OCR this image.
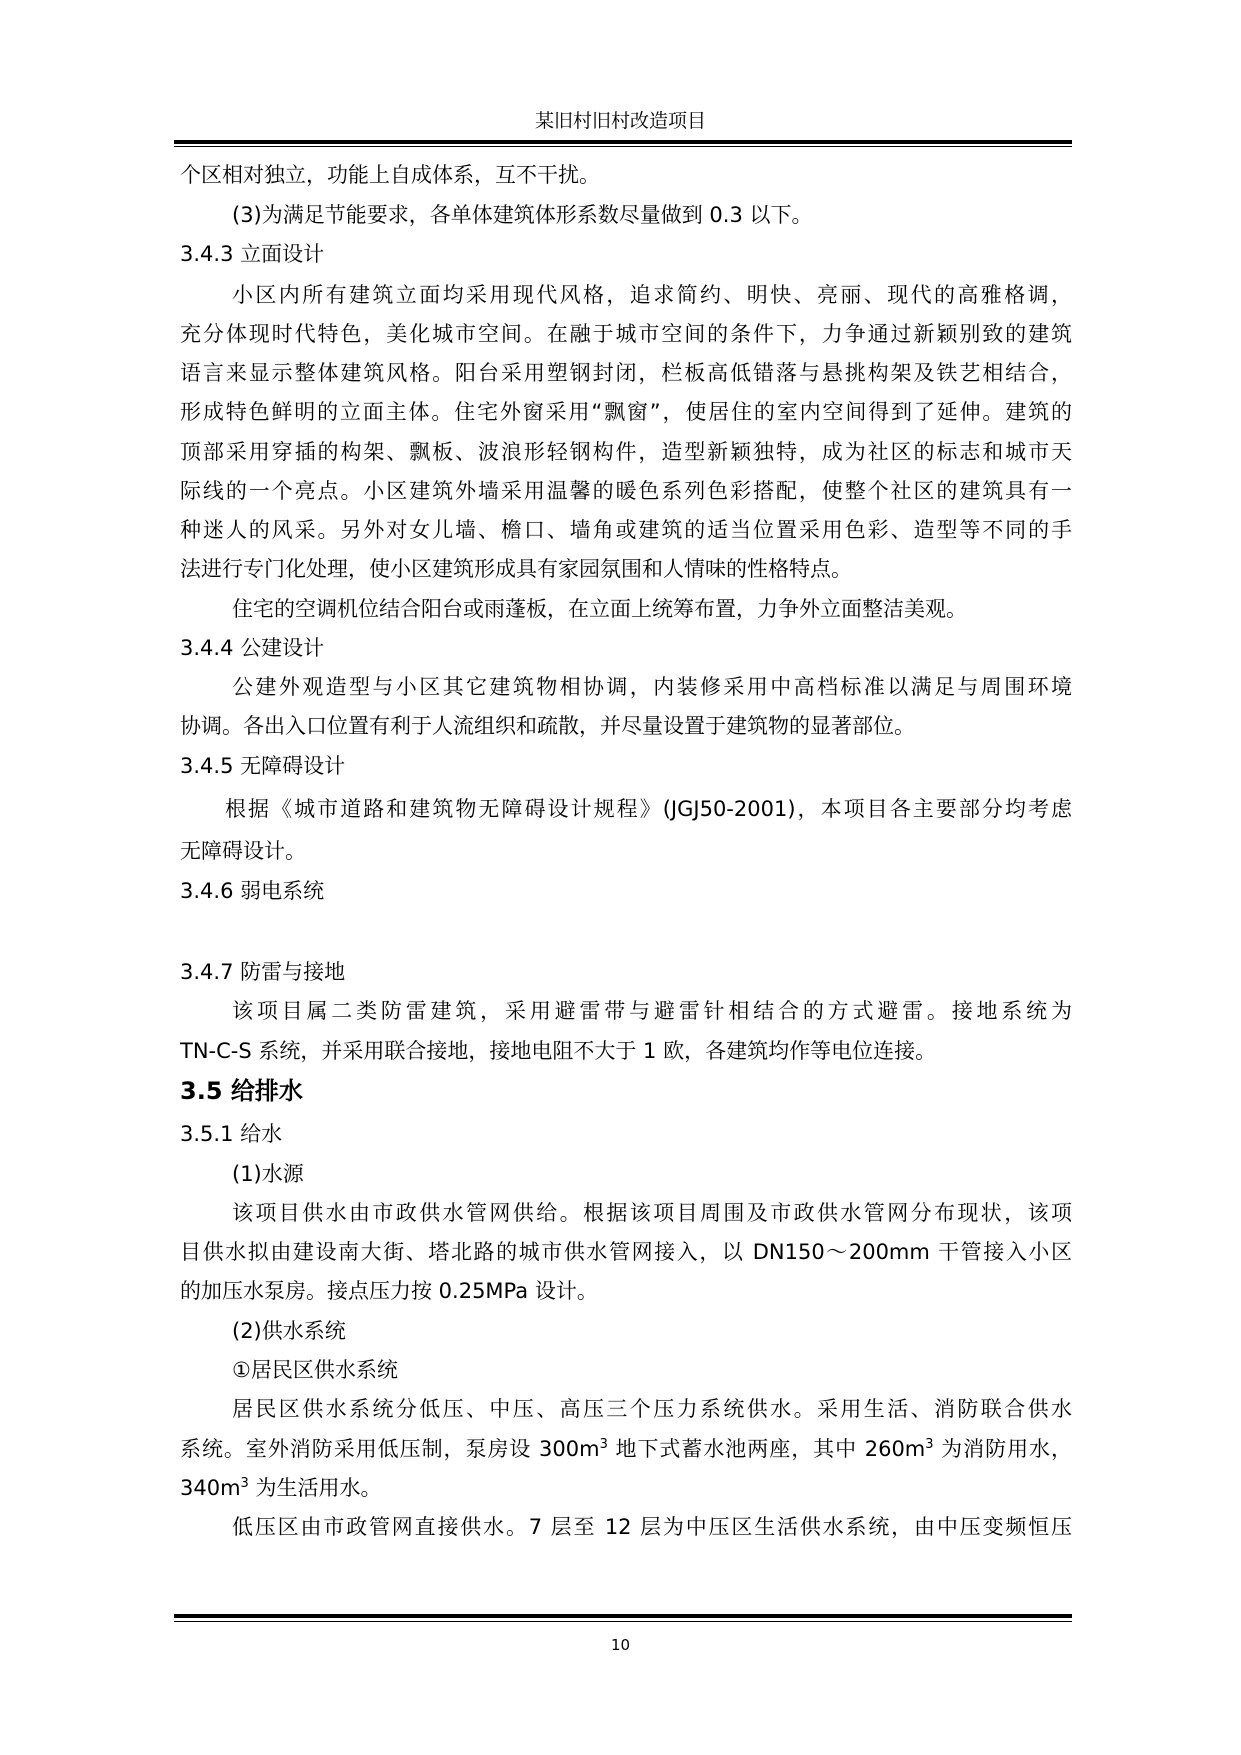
某旧村旧村改造项目
个区相对独立，功能上自成体系，互不干扰。
(3)为满足节能要求，各单体建筑体形系数尽量做到 0.3 以下。
3.4.3 立面设计
小区内所有建筑立面均采用现代风格，追求简约、明快、亮丽、现代的高雅格调，
充分体现时代特色，美化城市空间。在融于城市空间的条件下，力争通过新颖别致的建筑
语言来显示整体建筑风格。阳台采用塑钢封闭，栏板高低错落与悬挑构架及铁艺相结合，
形成特色鲜明的立面主体。住宅外窗采用“飘窗”，使居住的室内空间得到了延伸。建筑的
顶部采用穿插的构架、飘板、波浪形轻钢构件，造型新颖独特，成为社区的标志和城市天
际线的一个亮点。小区建筑外墙采用温馨的暖色系列色彩搭配，使整个社区的建筑具有一
种迷人的风采。另外对女儿墙、檐口、墙角或建筑的适当位置采用色彩、造型等不同的手
法进行专门化处理，使小区建筑形成具有家园氛围和人情味的性格特点。
住宅的空调机位结合阳台或雨蓬板，在立面上统筹布置，力争外立面整洁美观。
3.4.4 公建设计
公建外观造型与小区其它建筑物相协调，内装修采用中高档标准以满足与周围环境
协调。各出入口位置有利于人流组织和疏散，并尽量设置于建筑物的显著部位。
3.4.5 无障碍设计
根据《城市道路和建筑物无障碍设计规程》(JGJ50-2001)，本项目各主要部分均考虑
无障碍设计。
3.4.6 弱电系统
3.4.7 防雷与接地
该项目属二类防雷建筑，采用避雷带与避雷针相结合的方式避雷。接地系统为
TN-C-S 系统，并采用联合接地，接地电阻不大于 1 欧，各建筑均作等电位连接。
3.5 给排水
3.5.1 给水
(1)水源
该项目供水由市政供水管网供给。根据该项目周围及市政供水管网分布现状，该项
目供水拟由建设南大街、塔北路的城市供水管网接入，以 DN150～200mm 干管接入小区
的加压水泵房。接点压力按 0.25MPa 设计。
(2)供水系统
①居民区供水系统
居民区供水系统分低压、中压、高压三个压力系统供水。采用生活、消防联合供水
系统。室外消防采用低压制，泵房设 $300m^3$ 地下式蓄水池两座，其中 $260m^3$ 为消防用水，
$340m^3$ 为生活用水。
低压区由市政管网直接供水。7 层至 12 层为中压区生活供水系统，由中压变频恒压
10
